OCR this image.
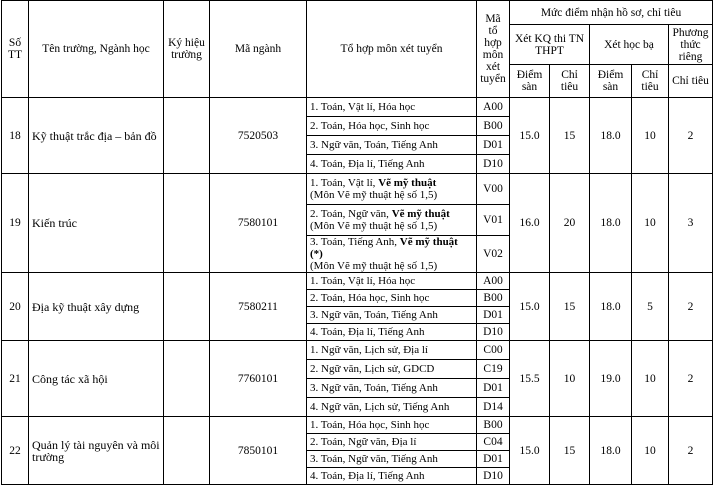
Số TT	Tên trường, Ngành học	Ký hiệu trường	Mã ngành	Tổ hợp môn xét tuyển	Mã tổ hợp môn xét tuyển	Mức điểm nhận hồ sơ, chỉ tiêu				
						Xét KQ thi TN THPT		Xét học bạ		Phương thức riêng
						Điểm sàn	Chỉ tiêu	Điểm sàn	Chỉ tiêu	Chỉ tiêu
18	Kỹ thuật trắc địa – bản đồ		7520503	1. Toán, Vật lí, Hóa học	A00	15.0	15	18.0	10	2
				2. Toán, Hóa học, Sinh học	B00					
				3. Ngữ văn, Toán, Tiếng Anh	D01					
				4. Toán, Địa lí, Tiếng Anh	D10					
19	Kiến trúc		7580101	1. Toán, Vật lí, Vẽ mỹ thuật
(Môn Vẽ mỹ thuật hệ số 1,5)	V00	16.0	20	18.0	10	3

				2. Toán, Ngữ văn, Vẽ mỹ thuật
(Môn Vẽ mỹ thuật hệ số 1,5)	V01					

				3. Toán, Tiếng Anh, Vẽ mỹ thuật (*)
(Môn Vẽ mỹ thuật hệ số 1,5)	V02					
20	Địa kỹ thuật xây dựng		7580211	1. Toán, Vật lí, Hóa học	A00	15.0	15	18.0	5	2
				2. Toán, Hóa học, Sinh học	B00					
				3. Ngữ văn, Toán, Tiếng Anh	D01					
				4. Toán, Địa lí, Tiếng Anh	D10					
21	Công tác xã hội		7760101	1. Ngữ văn, Lịch sử, Địa lí	C00	15.5	10	19.0	10	2
				2. Ngữ văn, Lịch sử, GDCD	C19					
				3. Ngữ văn, Toán, Tiếng Anh	D01					
				4. Ngữ văn, Lịch sử, Tiếng Anh	D14					
22	Quản lý tài nguyên và môi trường		7850101	1. Toán, Hóa học, Sinh học	B00	15.0	15	18.0	10	2
				2. Toán, Ngữ văn, Địa lí	C04					
				3. Toán, Ngữ văn, Tiếng Anh	D01					
				4. Toán, Địa lí, Tiếng Anh	D10					
